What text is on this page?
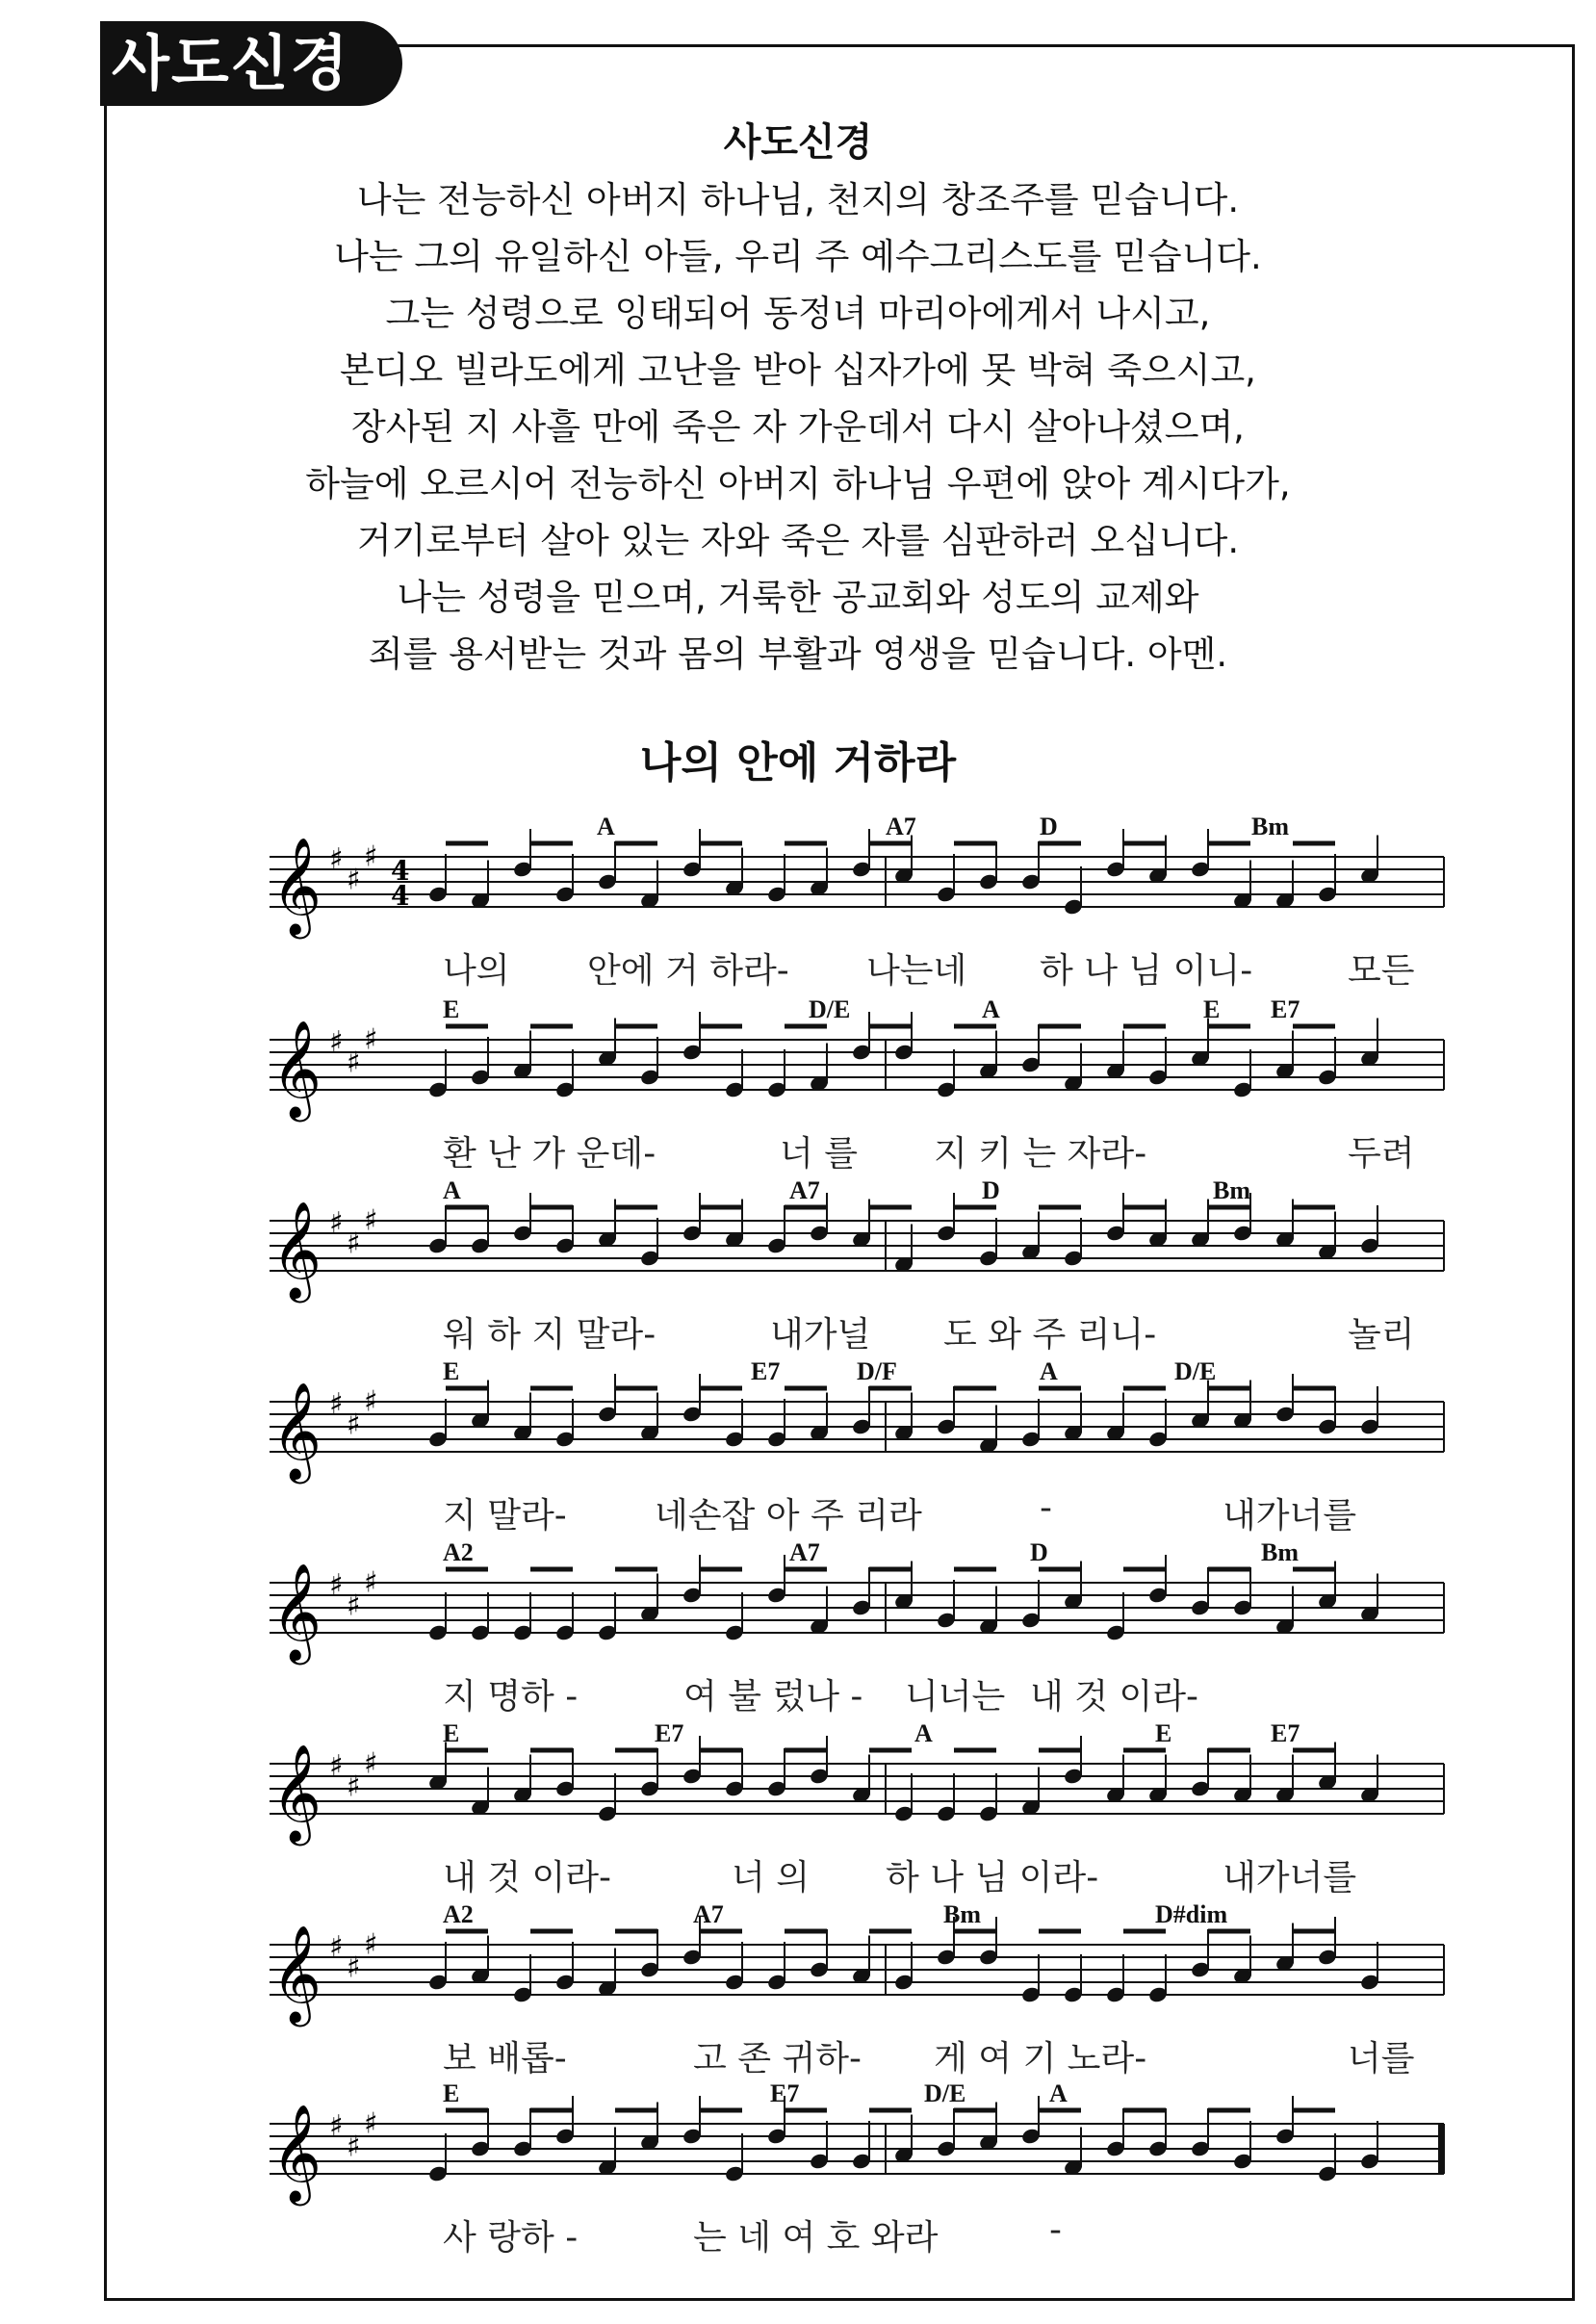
사도신경
사도신경
나는 전능하신 아버지 하나님, 천지의 창조주를 믿습니다.
나는 그의 유일하신 아들, 우리 주 예수그리스도를 믿습니다.
그는 성령으로 잉태되어 동정녀 마리아에게서 나시고,
본디오 빌라도에게 고난을 받아 십자가에 못 박혀 죽으시고,
장사된 지 사흘 만에 죽은 자 가운데서 다시 살아나셨으며,
하늘에 오르시어 전능하신 아버지 하나님 우편에 앉아 계시다가,
거기로부터 살아 있는 자와 죽은 자를 심판하러 오십니다.
나는 성령을 믿으며, 거룩한 공교회와 성도의 교제와
죄를 용서받는 것과 몸의 부활과 영생을 믿습니다. 아멘.
나의 안에 거하라
𝄞 ♯
♯
♯ 4
4
A	A7	D	Bm
나의 안에 거 하라- 나는네 하 나 님 이니-	모든
𝄞 ♯
♯
♯
E	D/E	A	E E7
환 난 가 운데-	너 를 지 키 는 자라-	두려
𝄞 ♯
♯
♯
A	A7	D	Bm
워 하 지 말라-	내가널 도 와 주 리니-	놀리
𝄞 ♯
♯
♯
E	E7	D/F	A	D/E
지 말라-	네손잡 아 주 리라	-	내가너를
𝄞 ♯
♯
♯
A2	A7	D	Bm
지 명하 -	여 불 렀나 - 니너는 내 것 이라-
𝄞 ♯
♯
♯
E	E7	A	E	E7
내 것 이라-	너 의 하 나 님 이라-	내가너를
𝄞 ♯
♯
♯
A2	A7	Bm	D#dim
보 배롭-	고 존 귀하- 게 여 기 노라-	너를
𝄞 ♯
♯
♯
E	E7	D/E	A
사 랑하 -	는 네 여 호 와라	-
